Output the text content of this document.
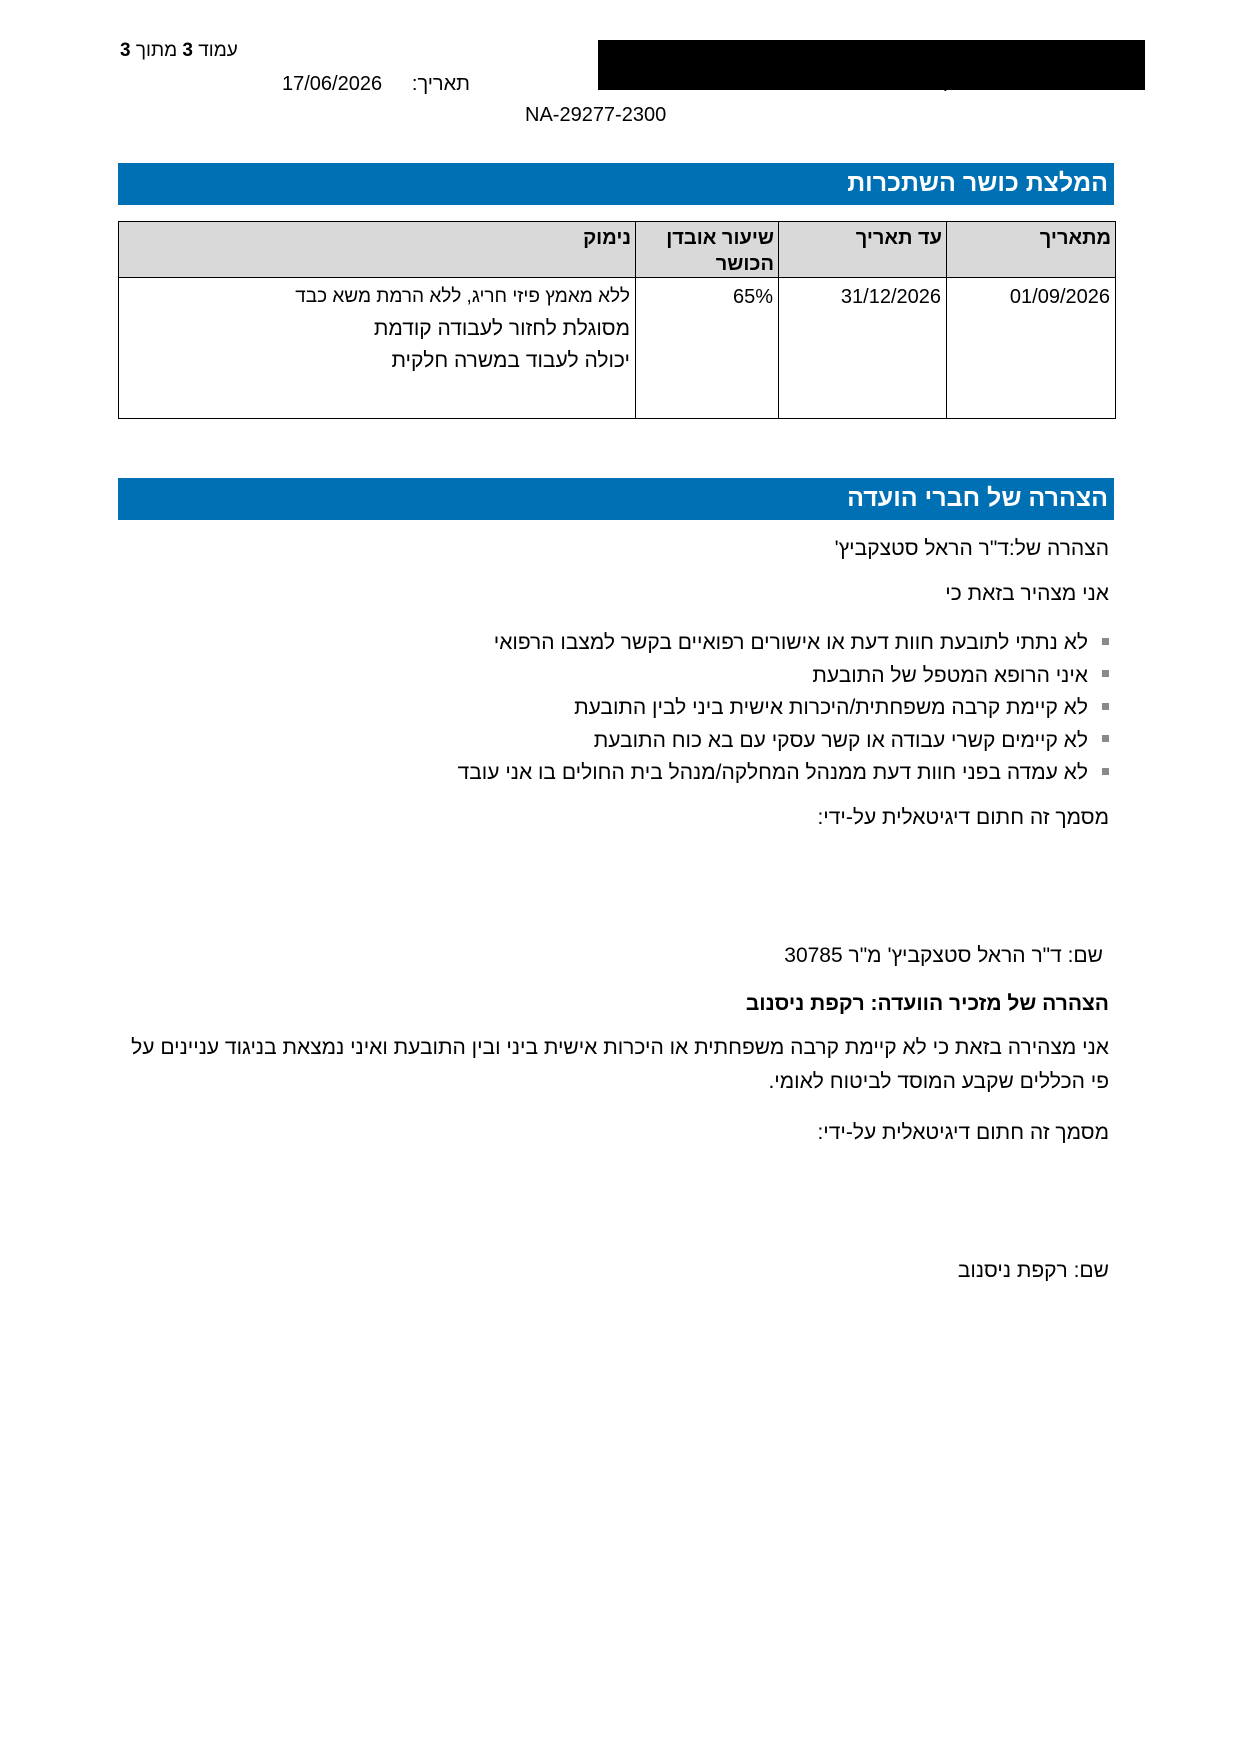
עמוד 3 מתוך 3
תאריך:
17/06/2026
NA-29277-2300
המלצת כושר השתכרות
מתאריך	עד תאריך	שיעור אובדן הכושר	נימוק
01/09/2026	31/12/2026	65%	ללא מאמץ פיזי חריג, ללא הרמת משא כבד
מסוגלת לחזור לעבודה קודמת
יכולה לעבוד במשרה חלקית
הצהרה של חברי הועדה
הצהרה של:ד"ר הראל סטצקביץ'
אני מצהיר בזאת כי
לא נתתי לתובעת חוות דעת או אישורים רפואיים בקשר למצבו הרפואי
איני הרופא המטפל של התובעת
לא קיימת קרבה משפחתית/היכרות אישית ביני לבין התובעת
לא קיימים קשרי עבודה או קשר עסקי עם בא כוח התובעת
לא עמדה בפני חוות דעת ממנהל המחלקה/מנהל בית החולים בו אני עובד
מסמך זה חתום דיגיטאלית על-ידי:
שם: ד"ר הראל סטצקביץ' מ"ר 30785
הצהרה של מזכיר הוועדה: רקפת ניסנוב
אני מצהירה בזאת כי לא קיימת קרבה משפחתית או היכרות אישית ביני ובין התובעת ואיני נמצאת בניגוד עניינים על פי הכללים שקבע המוסד לביטוח לאומי.
מסמך זה חתום דיגיטאלית על-ידי:
שם: רקפת ניסנוב
